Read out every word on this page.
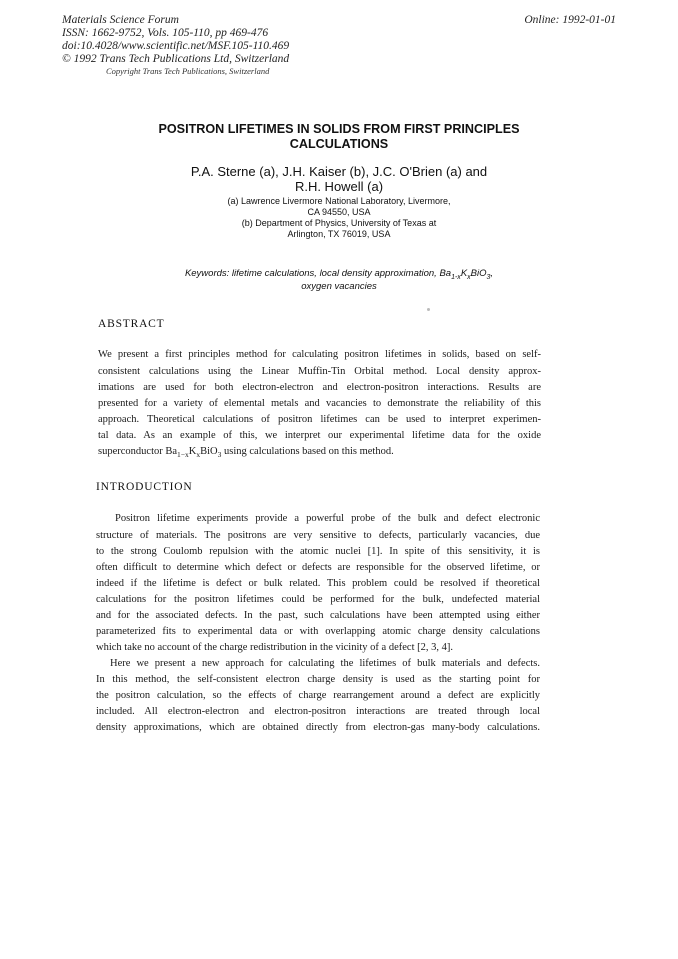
Materials Science Forum
ISSN: 1662-9752, Vols. 105-110, pp 469-476
doi:10.4028/www.scientific.net/MSF.105-110.469
© 1992 Trans Tech Publications Ltd, Switzerland
Copyright Trans Tech Publications, Switzerland
Online: 1992-01-01
POSITRON LIFETIMES IN SOLIDS FROM FIRST PRINCIPLES
CALCULATIONS
P.A. Sterne (a), J.H. Kaiser (b), J.C. O'Brien (a) and
R.H. Howell (a)
(a) Lawrence Livermore National Laboratory, Livermore,
CA 94550, USA
(b) Department of Physics, University of Texas at
Arlington, TX 76019, USA
Keywords: lifetime calculations, local density approximation, $Ba_{1-x}K_xBiO_3$,
oxygen vacancies
ABSTRACT
We present a first principles method for calculating positron lifetimes in solids, based on self-
consistent calculations using the Linear Muffin-Tin Orbital method. Local density approx-
imations are used for both electron-electron and electron-positron interactions. Results are
presented for a variety of elemental metals and vacancies to demonstrate the reliability of this
approach. Theoretical calculations of positron lifetimes can be used to interpret experimen-
tal data. As an example of this, we interpret our experimental lifetime data for the oxide
superconductor $Ba_{1-x}K_xBiO_3$ using calculations based on this method.
INTRODUCTION
Positron lifetime experiments provide a powerful probe of the bulk and defect electronic
structure of materials. The positrons are very sensitive to defects, particularly vacancies, due
to the strong Coulomb repulsion with the atomic nuclei [1]. In spite of this sensitivity, it is
often difficult to determine which defect or defects are responsible for the observed lifetime, or
indeed if the lifetime is defect or bulk related. This problem could be resolved if theoretical
calculations for the positron lifetimes could be performed for the bulk, undefected material
and for the associated defects. In the past, such calculations have been attempted using either
parameterized fits to experimental data or with overlapping atomic charge density calculations
which take no account of the charge redistribution in the vicinity of a defect [2, 3, 4].
Here we present a new approach for calculating the lifetimes of bulk materials and defects.
In this method, the self-consistent electron charge density is used as the starting point for
the positron calculation, so the effects of charge rearrangement around a defect are explicitly
included. All electron-electron and electron-positron interactions are treated through local
density approximations, which are obtained directly from electron-gas many-body calculations.
